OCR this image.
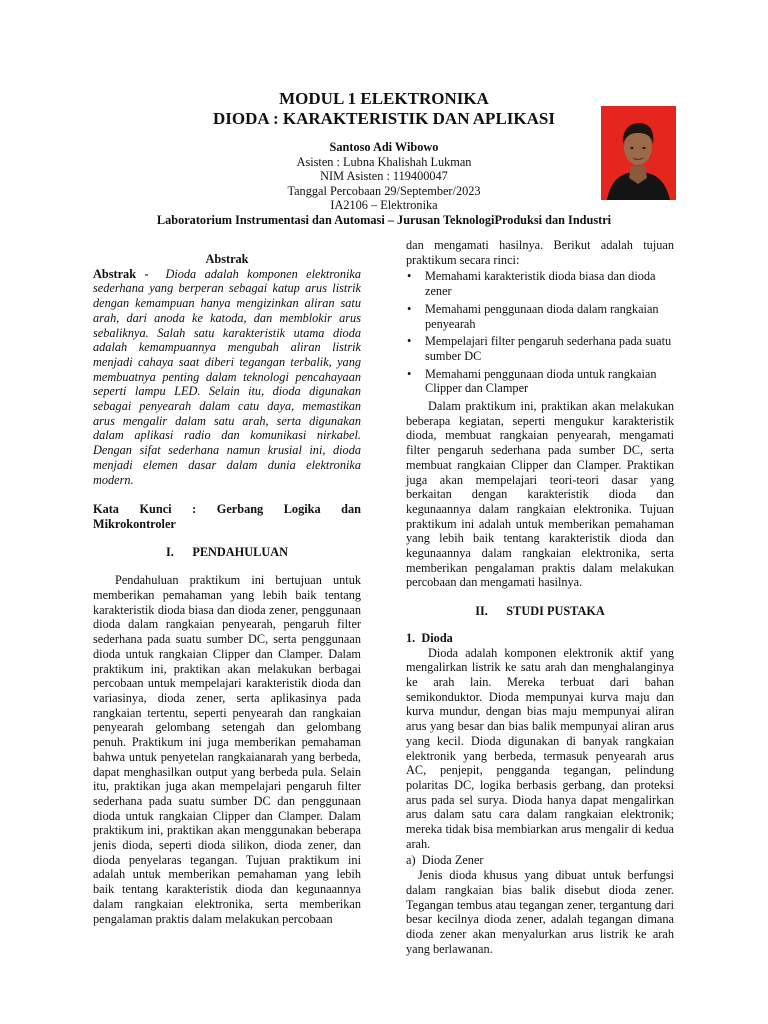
MODUL 1 ELEKTRONIKA
DIODA : KARAKTERISTIK DAN APLIKASI
Santoso Adi Wibowo
Asisten : Lubna Khalishah Lukman
NIM Asisten : 119400047
Tanggal Percobaan 29/September/2023
IA2106 – Elektronika
Laboratorium Instrumentasi dan Automasi – Jurusan TeknologiProduksi dan Industri
Abstrak
Abstrak - Dioda adalah komponen elektronika sederhana yang berperan sebagai katup arus listrik dengan kemampuan hanya mengizinkan aliran satu arah, dari anoda ke katoda, dan memblokir arus sebaliknya. Salah satu karakteristik utama dioda adalah kemampuannya mengubah aliran listrik menjadi cahaya saat diberi tegangan terbalik, yang membuatnya penting dalam teknologi pencahayaan seperti lampu LED. Selain itu, dioda digunakan sebagai penyearah dalam catu daya, memastikan arus mengalir dalam satu arah, serta digunakan dalam aplikasi radio dan komunikasi nirkabel. Dengan sifat sederhana namun krusial ini, dioda menjadi elemen dasar dalam dunia elektronika modern.
Kata Kunci : Gerbang Logika dan Mikrokontroler
I.      PENDAHULUAN
Pendahuluan praktikum ini bertujuan untuk memberikan pemahaman yang lebih baik tentang karakteristik dioda biasa dan dioda zener, penggunaan dioda dalam rangkaian penyearah, pengaruh filter sederhana pada suatu sumber DC, serta penggunaan dioda untuk rangkaian Clipper dan Clamper. Dalam praktikum ini, praktikan akan melakukan berbagai percobaan untuk mempelajari karakteristik dioda dan variasinya, dioda zener, serta aplikasinya pada rangkaian tertentu, seperti penyearah dan rangkaian penyearah gelombang setengah dan gelombang penuh. Praktikum ini juga memberikan pemahaman bahwa untuk penyetelan rangkaianarah yang berbeda, dapat menghasilkan output yang berbeda pula. Selain itu, praktikan juga akan mempelajari pengaruh filter sederhana pada suatu sumber DC dan penggunaan dioda untuk rangkaian Clipper dan Clamper. Dalam praktikum ini, praktikan akan menggunakan beberapa jenis dioda, seperti dioda silikon, dioda zener, dan dioda penyelaras tegangan. Tujuan praktikum ini adalah untuk memberikan pemahaman yang lebih baik tentang karakteristik dioda dan kegunaannya dalam rangkaian elektronika, serta memberikan pengalaman praktis dalam melakukan percobaan
dan mengamati hasilnya. Berikut adalah tujuan praktikum secara rinci:
• Memahami karakteristik dioda biasa dan dioda zener
• Memahami penggunaan dioda dalam rangkaian penyearah
• Mempelajari filter pengaruh sederhana pada suatu sumber DC
• Memahami penggunaan dioda untuk rangkaian Clipper dan Clamper
Dalam praktikum ini, praktikan akan melakukan beberapa kegiatan, seperti mengukur karakteristik dioda, membuat rangkaian penyearah, mengamati filter pengaruh sederhana pada sumber DC, serta membuat rangkaian Clipper dan Clamper. Praktikan juga akan mempelajari teori-teori dasar yang berkaitan dengan karakteristik dioda dan kegunaannya dalam rangkaian elektronika. Tujuan praktikum ini adalah untuk memberikan pemahaman yang lebih baik tentang karakteristik dioda dan kegunaannya dalam rangkaian elektronika, serta memberikan pengalaman praktis dalam melakukan percobaan dan mengamati hasilnya.
II.      STUDI PUSTAKA
1.  Dioda
Dioda adalah komponen elektronik aktif yang mengalirkan listrik ke satu arah dan menghalanginya ke arah lain. Mereka terbuat dari bahan semikonduktor. Dioda mempunyai kurva maju dan kurva mundur, dengan bias maju mempunyai aliran arus yang besar dan bias balik mempunyai aliran arus yang kecil. Dioda digunakan di banyak rangkaian elektronik yang berbeda, termasuk penyearah arus AC, penjepit, pengganda tegangan, pelindung polaritas DC, logika berbasis gerbang, dan proteksi arus pada sel surya. Dioda hanya dapat mengalirkan arus dalam satu cara dalam rangkaian elektronik; mereka tidak bisa membiarkan arus mengalir di kedua arah.
a)  Dioda Zener
Jenis dioda khusus yang dibuat untuk berfungsi dalam rangkaian bias balik disebut dioda zener. Tegangan tembus atau tegangan zener, tergantung dari besar kecilnya dioda zener, adalah tegangan dimana dioda zener akan menyalurkan arus listrik ke arah yang berlawanan.
